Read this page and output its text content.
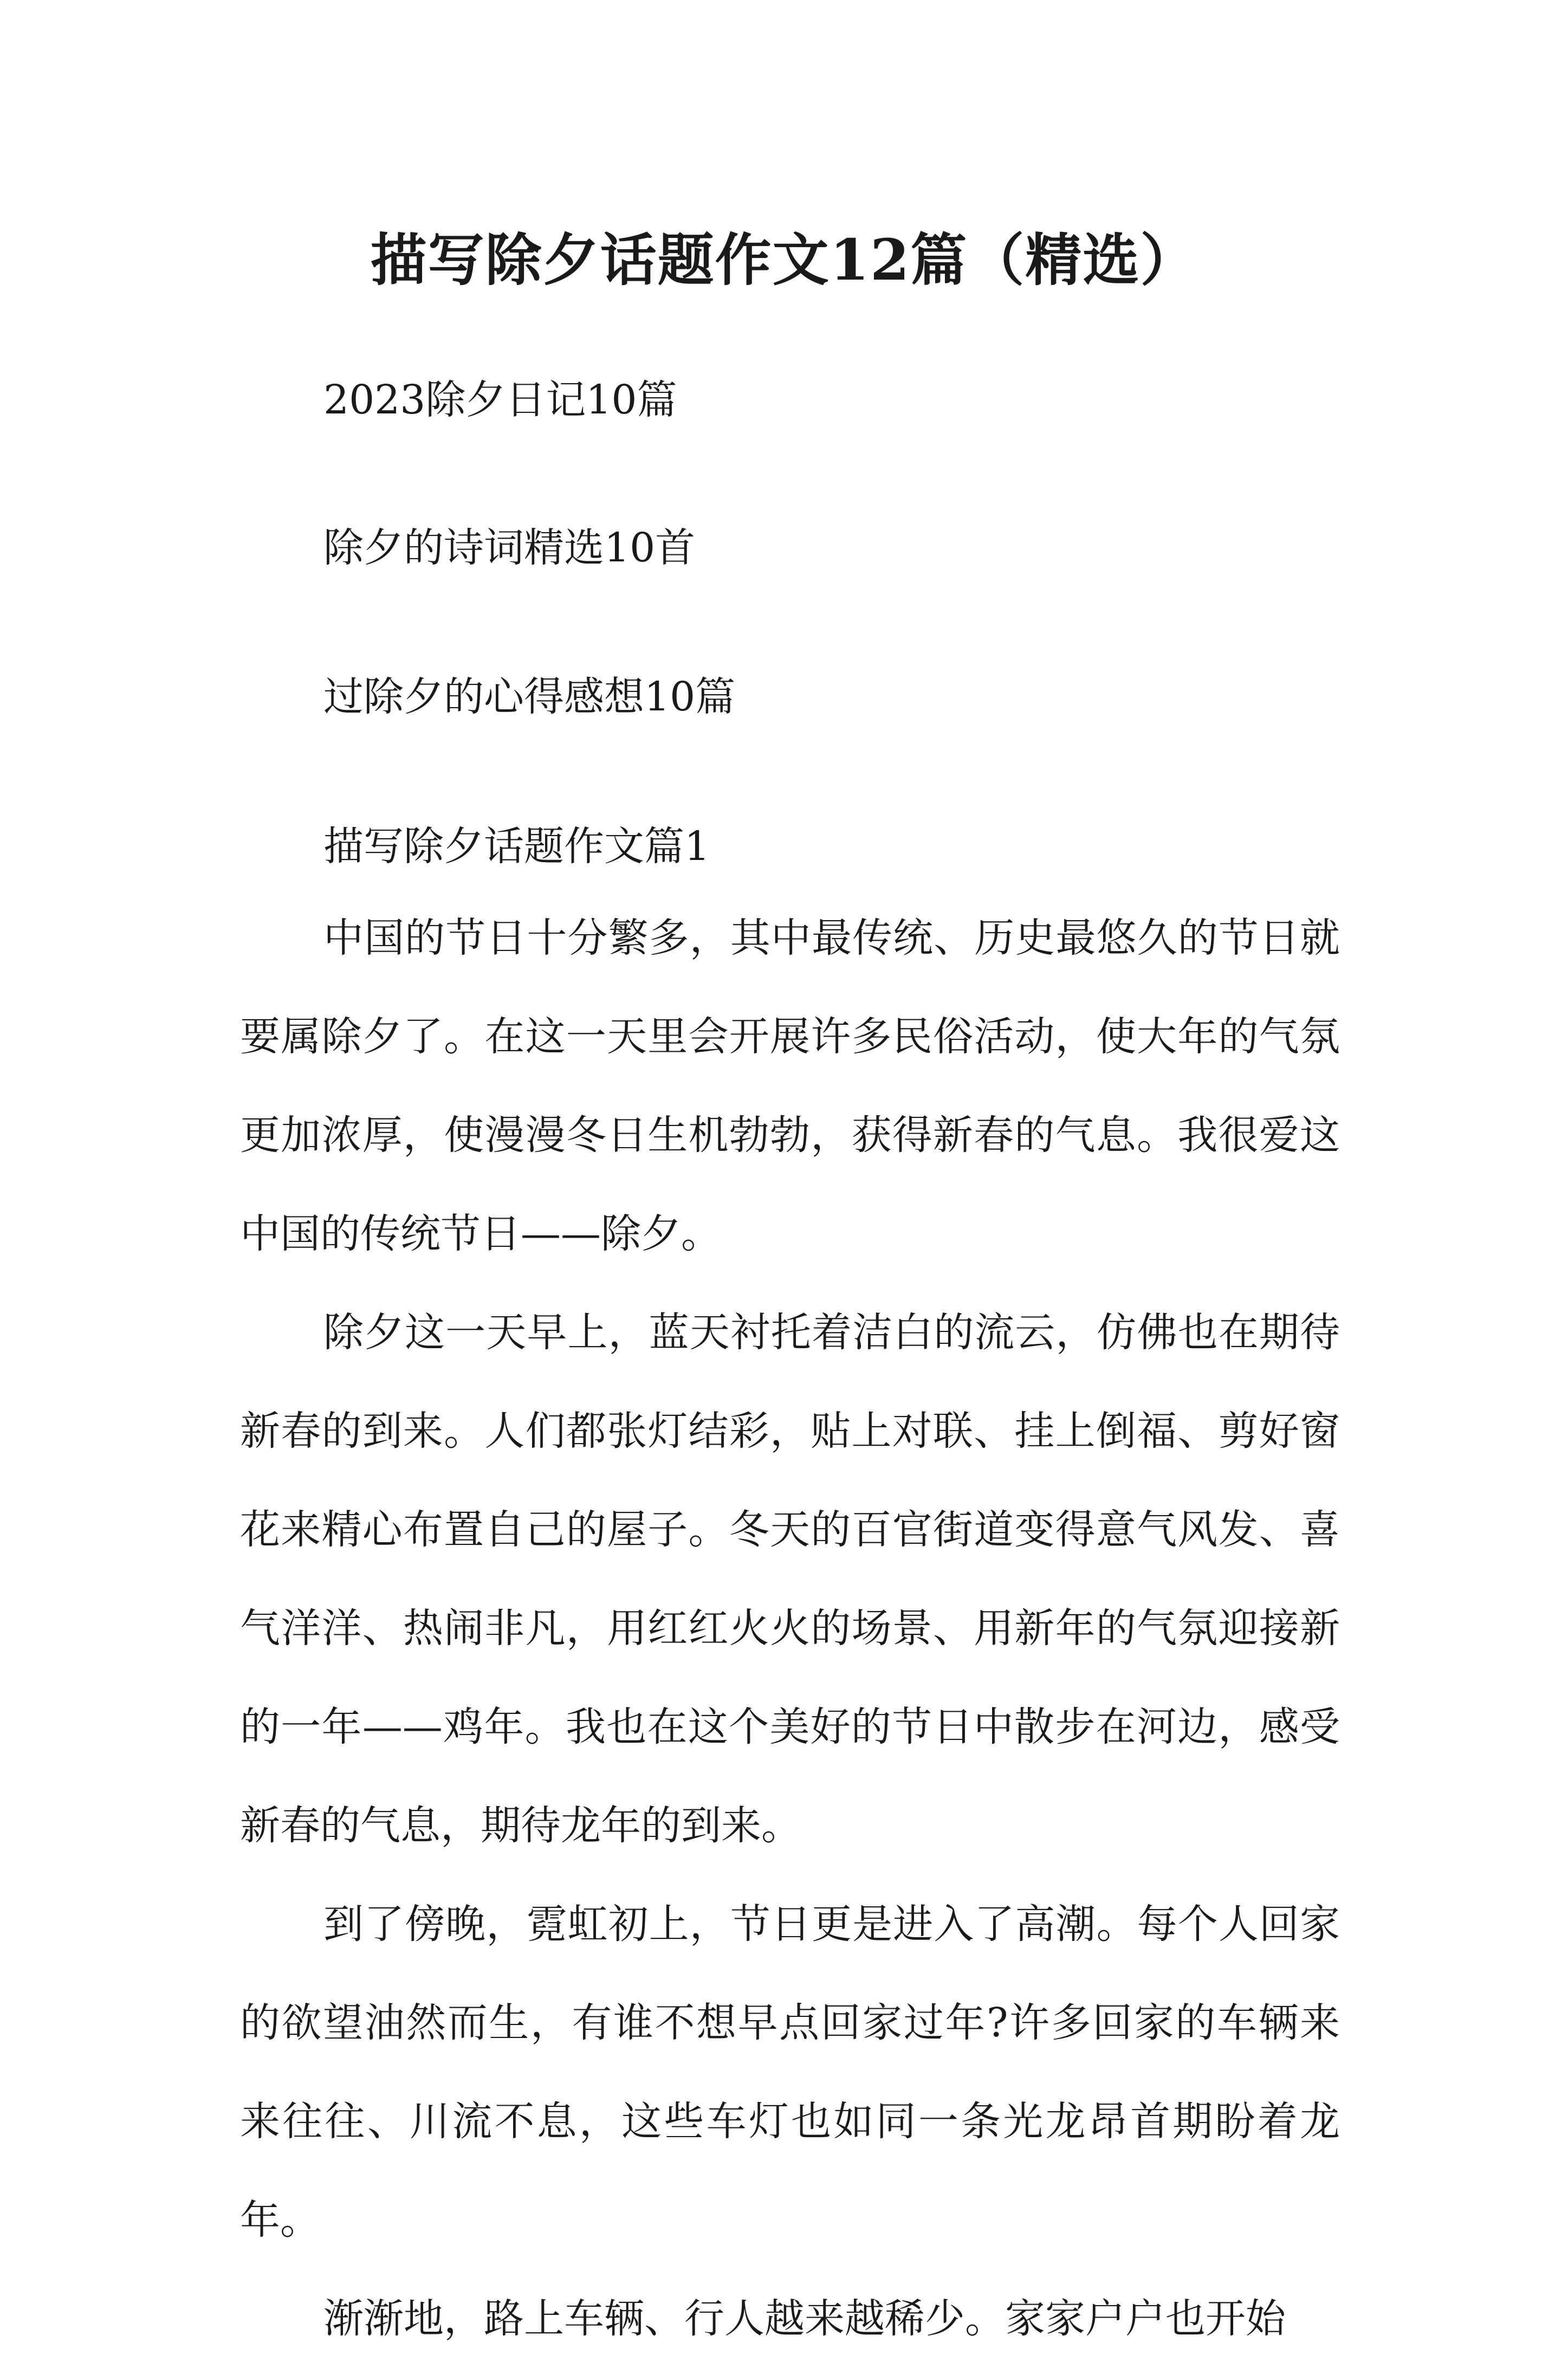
描写除夕话题作文12篇（精选）
2023除夕日记10篇
除夕的诗词精选10首
过除夕的心得感想10篇
描写除夕话题作文篇1

中国的节日十分繁多，其中最传统、历史最悠久的节日就要属除夕了。在这一天里会开展许多民俗活动，使大年的气氛更加浓厚，使漫漫冬日生机勃勃，获得新春的气息。我很爱这中国的传统节日——除夕。

除夕这一天早上，蓝天衬托着洁白的流云，仿佛也在期待新春的到来。人们都张灯结彩，贴上对联、挂上倒福、剪好窗花来精心布置自己的屋子。冬天的百官街道变得意气风发、喜气洋洋、热闹非凡，用红红火火的场景、用新年的气氛迎接新的一年——鸡年。我也在这个美好的节日中散步在河边，感受新春的气息，期待龙年的到来。

到了傍晚，霓虹初上，节日更是进入了高潮。每个人回家的欲望油然而生，有谁不想早点回家过年?许多回家的车辆来来往往、川流不息，这些车灯也如同一条光龙昂首期盼着龙年。

渐渐地，路上车辆、行人越来越稀少。家家户户也开始
